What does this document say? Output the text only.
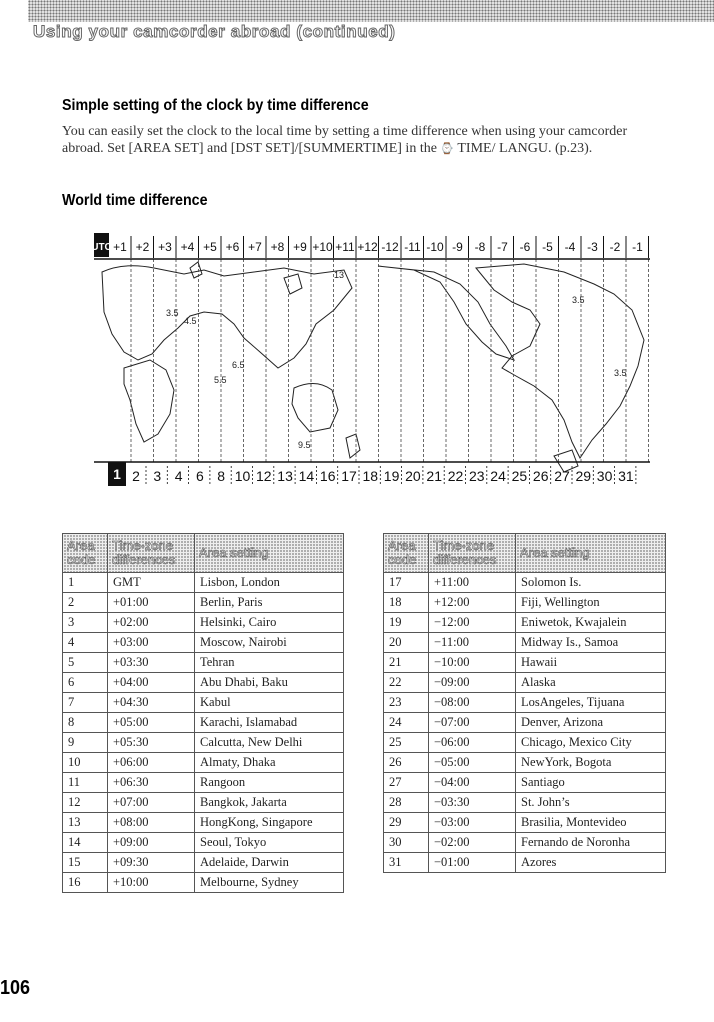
Using your camcorder abroad (continued)
Simple setting of the clock by time difference
You can easily set the clock to the local time by setting a time difference when using your camcorder abroad. Set [AREA SET] and [DST SET]/[SUMMERTIME] in the ⌚ TIME/ LANGU. (p.23).
World time difference
UTC +1 +2 +3 +4 +5 +6 +7 +8 +9 +10 +11 +12 -12 -11 -10 -9 -8 -7 -6 -5 -4 -3 -2 -1
1 2 3 4 6 8 10 12 13 14 16 17 18 19 20 21 22 23 24 25 26 27 29 30 31
3.5
4.5
5.5
6.5
9.5
13
3.5
3.5
Area code	Time-zone differences	Area setting
1	GMT	Lisbon, London
2	+01:00	Berlin, Paris
3	+02:00	Helsinki, Cairo
4	+03:00	Moscow, Nairobi
5	+03:30	Tehran
6	+04:00	Abu Dhabi, Baku
7	+04:30	Kabul
8	+05:00	Karachi, Islamabad
9	+05:30	Calcutta, New Delhi
10	+06:00	Almaty, Dhaka
11	+06:30	Rangoon
12	+07:00	Bangkok, Jakarta
13	+08:00	HongKong, Singapore
14	+09:00	Seoul, Tokyo
15	+09:30	Adelaide, Darwin
16	+10:00	Melbourne, Sydney
Area code	Time-zone differences	Area setting
17	+11:00	Solomon Is.
18	+12:00	Fiji, Wellington
19	−12:00	Eniwetok, Kwajalein
20	−11:00	Midway Is., Samoa
21	−10:00	Hawaii
22	−09:00	Alaska
23	−08:00	LosAngeles, Tijuana
24	−07:00	Denver, Arizona
25	−06:00	Chicago, Mexico City
26	−05:00	NewYork, Bogota
27	−04:00	Santiago
28	−03:30	St. John’s
29	−03:00	Brasilia, Montevideo
30	−02:00	Fernando de Noronha
31	−01:00	Azores
106
